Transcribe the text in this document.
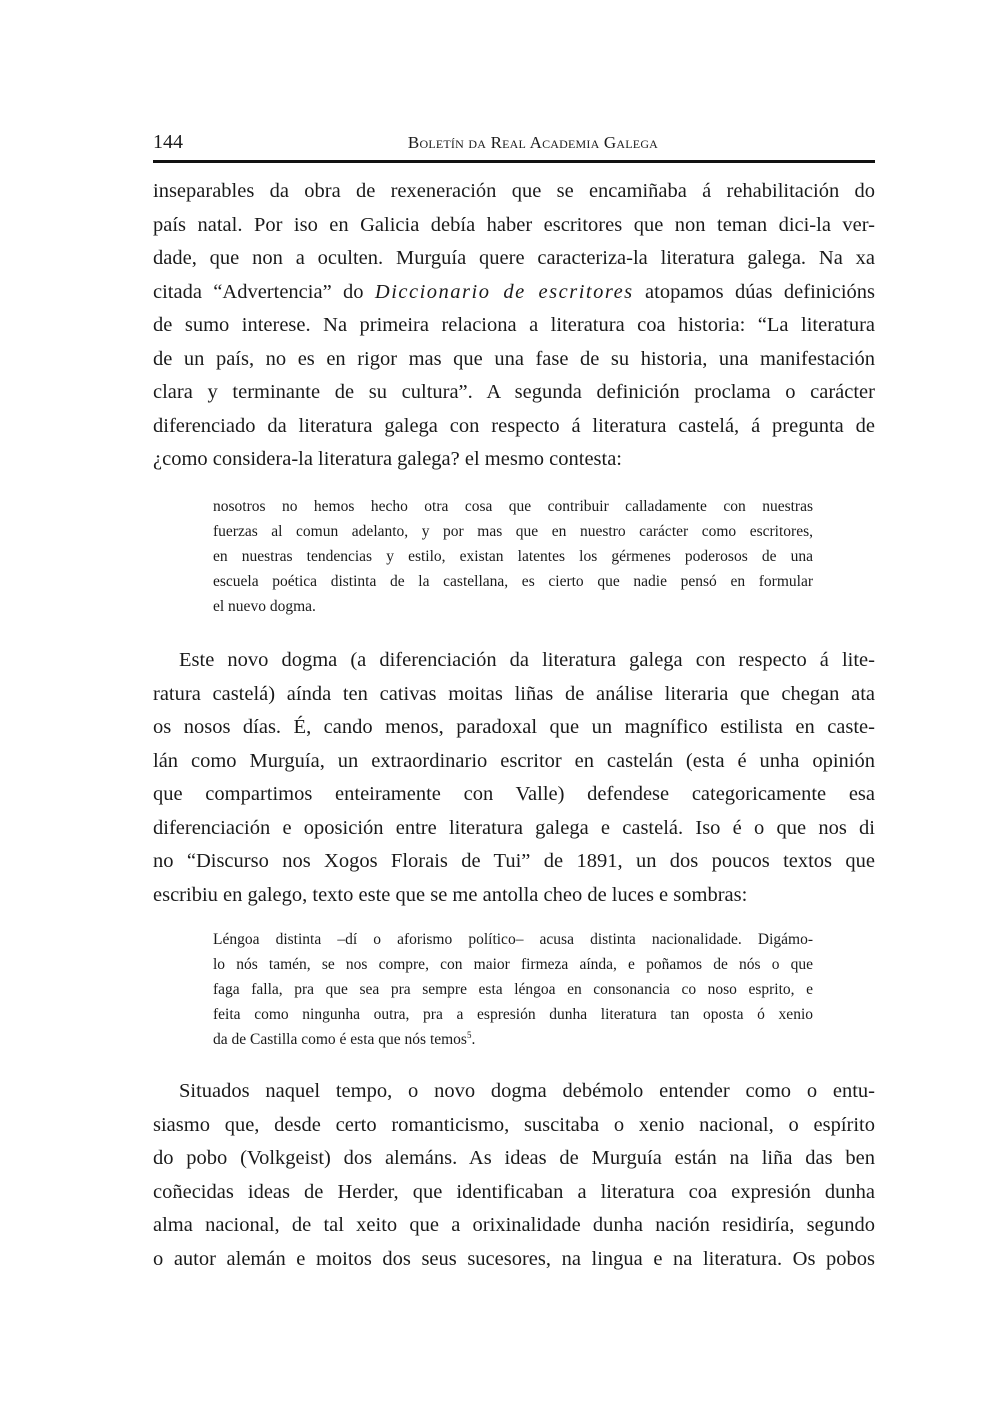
144	Boletín da Real Academia Galega
inseparables da obra de rexeneración que se encamiñaba á rehabilitación do
país natal. Por iso en Galicia debía haber escritores que non teman dici-la ver-
dade, que non a oculten. Murguía quere caracteriza-la literatura galega. Na xa
citada “Advertencia” do Diccionario de escritores atopamos dúas definicións
de sumo interese. Na primeira relaciona a literatura coa historia: “La literatura
de un país, no es en rigor mas que una fase de su historia, una manifestación
clara y terminante de su cultura”. A segunda definición proclama o carácter
diferenciado da literatura galega con respecto á literatura castelá, á pregunta de
¿como considera-la literatura galega? el mesmo contesta:
nosotros no hemos hecho otra cosa que contribuir calladamente con nuestras
fuerzas al comun adelanto, y por mas que en nuestro carácter como escritores,
en nuestras tendencias y estilo, existan latentes los gérmenes poderosos de una
escuela poética distinta de la castellana, es cierto que nadie pensó en formular
el nuevo dogma.
Este novo dogma (a diferenciación da literatura galega con respecto á lite-
ratura castelá) aínda ten cativas moitas liñas de análise literaria que chegan ata
os nosos días. É, cando menos, paradoxal que un magnífico estilista en caste-
lán como Murguía, un extraordinario escritor en castelán (esta é unha opinión
que compartimos enteiramente con Valle) defendese categoricamente esa
diferenciación e oposición entre literatura galega e castelá. Iso é o que nos di
no “Discurso nos Xogos Florais de Tui” de 1891, un dos poucos textos que
escribiu en galego, texto este que se me antolla cheo de luces e sombras:
Léngoa distinta –dí o aforismo político– acusa distinta nacionalidade. Digámo-
lo nós tamén, se nos compre, con maior firmeza aínda, e poñamos de nós o que
faga falla, pra que sea pra sempre esta léngoa en consonancia co noso esprito, e
feita como ningunha outra, pra a espresión dunha literatura tan oposta ó xenio
da de Castilla como é esta que nós temos$^5$.
Situados naquel tempo, o novo dogma debémolo entender como o entu-
siasmo que, desde certo romanticismo, suscitaba o xenio nacional, o espírito
do pobo (Volkgeist) dos alemáns. As ideas de Murguía están na liña das ben
coñecidas ideas de Herder, que identificaban a literatura coa expresión dunha
alma nacional, de tal xeito que a orixinalidade dunha nación residiría, segundo
o autor alemán e moitos dos seus sucesores, na lingua e na literatura. Os pobos
